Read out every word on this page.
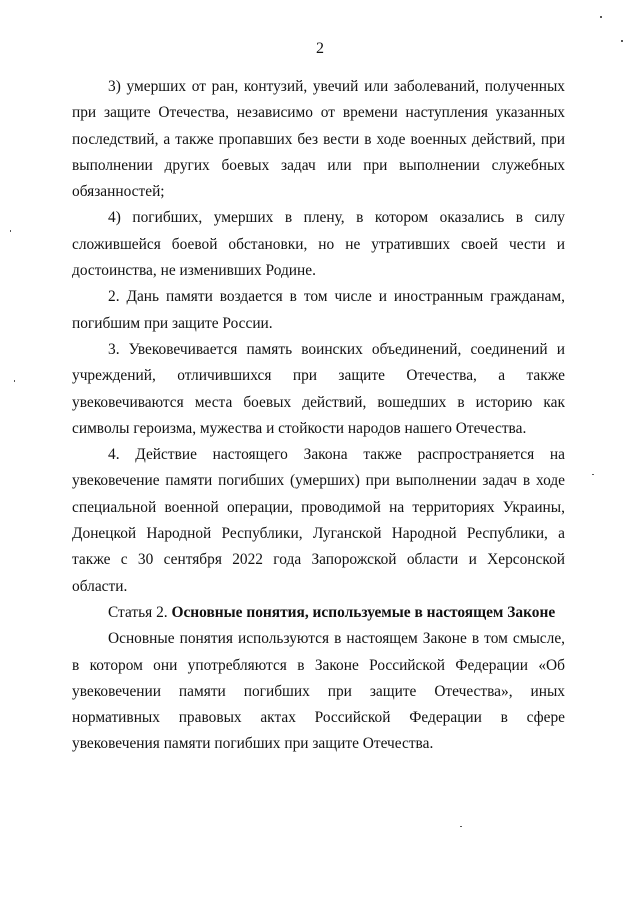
2

3) умерших от ран, контузий, увечий или заболеваний, полученных при защите Отечества, независимо от времени наступления указанных последствий, а также пропавших без вести в ходе военных действий, при выполнении других боевых задач или при выполнении служебных обязанностей;

4) погибших, умерших в плену, в котором оказались в силу сложившейся боевой обстановки, но не утративших своей чести и достоинства, не изменивших Родине.

2. Дань памяти воздается в том числе и иностранным гражданам, погибшим при защите России.

3. Увековечивается память воинских объединений, соединений и учреждений, отличившихся при защите Отечества, а также увековечиваются места боевых действий, вошедших в историю как символы героизма, мужества и стойкости народов нашего Отечества.

4. Действие настоящего Закона также распространяется на увековечение памяти погибших (умерших) при выполнении задач в ходе специальной военной операции, проводимой на территориях Украины, Донецкой Народной Республики, Луганской Народной Республики, а также с 30 сентября 2022 года Запорожской области и Херсонской области.

Статья 2. Основные понятия, используемые в настоящем Законе

Основные понятия используются в настоящем Законе в том смысле, в котором они употребляются в Законе Российской Федерации «Об увековечении памяти погибших при защите Отечества», иных нормативных правовых актах Российской Федерации в сфере увековечения памяти погибших при защите Отечества.
